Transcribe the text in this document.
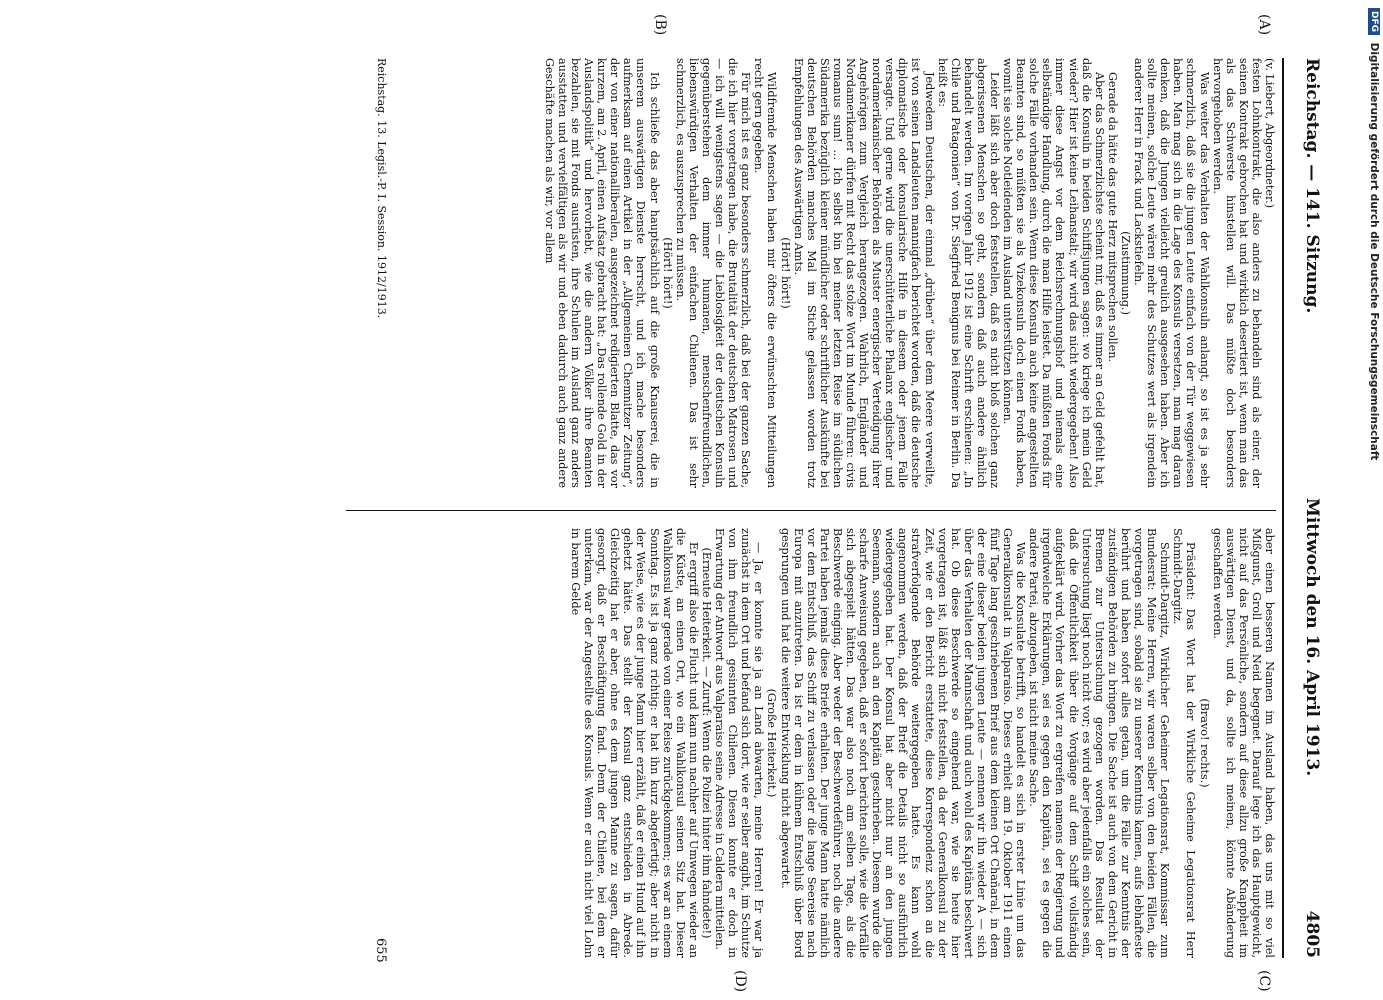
Reichstag. — 141. Sitzung.
Mittwoch den 16. April 1913.
4805
(A)
(B)
(C)
(D)

(v. Liebert, Abgeordneter.)

festen Lohnkontrakt, die also anders zu behandeln sind als einer, der seinen Kontrakt gebrochen hat und wirklich desertiert ist, wenn man das als das Schwerste hinstellen will. Das müßte doch besonders hervorgehoben werden.

Was weiter das Verhalten der Wahlkonsuln anlangt, so ist es ja sehr schmerzlich, daß sie die jungen Leute einfach von der Tür weggewiesen haben. Man mag sich in die Lage des Konsuls versetzen, man mag daran denken, daß die Jungen vielleicht greulich ausgesehen haben. Aber ich sollte meinen, solche Leute wären mehr des Schutzes wert als irgendein anderer Herr in Frack und Lackstiefeln.

(Zustimmung.)

Gerade da hätte das gute Herz mitsprechen sollen.

Aber das Schmerzlichste scheint mir, daß es immer an Geld gefehlt hat, daß die Konsuln in beiden Schiffsjungen sagen: wo kriege ich mein Geld wieder? Hier ist keine Leihanstalt; wir wird das nicht wiedergegeben! Also immer diese Angst vor dem Reichsrechnungshof und niemals eine selbständige Handlung, durch die man Hilfe leistet. Da müßten Fonds für solche Fälle vorhanden sein. Wenn diese Konsuln auch keine angestellten Beamten sind, so müßten sie als Vizekonsuln doch einen Fonds haben, womit sie solche Notleidenden im Ausland unterstützen können.

Leider läßt sich aber doch feststellen, daß es nicht bloß solchen ganz abgerissenen Menschen so geht, sondern daß auch andere ähnlich behandelt werden. Im vorigen Jahr 1912 ist eine Schrift erschienen: „In Chile und Patagonien“ von Dr. Siegfried Benignus bei Reimer in Berlin. Da heißt es:

Jedwedem Deutschen, der einmal „drüben“ über dem Meere verweilte, ist von seinen Landsleuten mannigfach berichtet worden, daß die deutsche diplomatische oder konsularische Hilfe in diesem oder jenem Falle versagte. Und gerne wird die unerschütterliche Phalanx englischer und nordamerikanischer Behörden als Muster energischer Verteidigung ihrer Angehörigen zum Vergleich herangezogen. Wahrlich, Engländer und Nordamerikaner dürfen mit Recht das stolze Wort im Munde führen: civis romanus sum! ... Ich selbst bin bei meiner letzten Reise im südlichen Südamerika bezüglich kleiner mündlicher oder schriftlicher Auskünfte bei deutschen Behörden manches Mal im Stiche gelassen worden trotz Empfehlungen des Auswärtigen Amts.

(Hört! hört!)

Wildfremde Menschen haben mir öfters die erwünschten Mitteilungen recht gern gegeben.

Für mich ist es ganz besonders schmerzlich, daß bei der ganzen Sache, die ich hier vorgetragen habe, die Brutalität der deutschen Matrosen und — ich will wenigstens sagen — die Lieblosigkeit der deutschen Konsuln gegenüberstehen dem immer humanen, menschenfreundlichen, liebenswürdigen Verhalten der einfachen Chilenen. Das ist sehr schmerzlich, es auszusprechen zu müssen.

(Hört! hört!)

Ich schließe das aber hauptsächlich auf die große Knauserei, die in unserem auswärtigen Dienste herrscht, und ich mache besonders aufmerksam auf einen Artikel in der „Allgemeinen Chemnitzer Zeitung“, der von einer nationalliberalen, ausgezeichnet redigierten Blatte, das vor kurzem, am 2. April, einen Aufsatz gebracht hat: „Das rollende Gold in der Auslandspolitik“ und hervorhebt, wie die andern Völker ihre Beamten bezahlen, sie mit Fonds ausrüsten, ihre Schulen im Ausland ganz anders ausstatten und vervielfältigen als wir und eben dadurch auch ganz andere Geschäfte machen als wir, vor allem

aber einen besseren Namen im Ausland haben, das uns mit so viel Mißgunst, Groll und Neid begegnet. Darauf lege ich das Hauptgewicht, nicht auf das Persönliche, sondern auf diese allzu große Knappheit im auswärtigen Dienst, und da, sollte ich meinen, könnte Abänderung geschaffen werden.

(Bravo! rechts.)

Präsident: Das Wort hat der Wirkliche Geheime Legationsrat Herr Schmidt-Dargitz.

Schmidt-Dargitz, Wirklicher Geheimer Legationsrat, Kommissar zum Bundesrat: Meine Herren, wir waren selber von den beiden Fällen, die vorgetragen sind, sobald sie zu unserer Kenntnis kamen, aufs lebhafteste berührt und haben sofort alles getan, um die Fälle zur Kenntnis der zuständigen Behörden zu bringen. Die Sache ist auch von dem Gericht in Bremen zur Untersuchung gezogen worden. Das Resultat der Untersuchung liegt noch nicht vor; es wird aber jedenfalls ein solches sein, daß die Öffentlichkeit über die Vorgänge auf dem Schiff vollständig aufgeklärt wird. Vorher das Wort zu ergreifen namens der Regierung und irgendwelche Erklärungen, sei es gegen den Kapitän, sei es gegen die andere Partei, abzugeben, ist nicht meine Sache.

Was die Konsulate betrifft, so handelt es sich in erster Linie um das Generalkonsulat in Valparaiso. Dieses erhielt am 19. Oktober 1911 einen fünf Tage lang geschriebenen Brief aus dem kleinen Ort Chañaral, in dem der eine dieser beiden jungen Leute — nennen wir ihn wieder A — sich über das Verhalten der Mannschaft und auch wohl des Kapitäns beschwert hat. Ob diese Beschwerde so eingehend war, wie sie heute hier vorgetragen ist, läßt sich nicht feststellen, da der Generalkonsul zu der Zeit, wie er den Bericht erstattete, diese Korrespondenz schon an die strafverfolgende Behörde weitergegeben hatte. Es kann wohl angenommen werden, daß der Brief die Details nicht so ausführlich wiedergegeben hat. Der Konsul hat aber nicht nur an den jungen Seemann, sondern auch an den Kapitän geschrieben. Diesem wurde die scharfe Anweisung gegeben, daß er sofort berichten solle, wie die Vorfälle sich abgespielt hätten. Das war also noch am selben Tage, als die Beschwerde einging. Aber weder der Beschwerdeführer, noch die andere Partei haben jemals diese Briefe erhalten. Der junge Mann hatte nämlich vor dem Entschluß, das Schiff zu verlassen oder die lange Seereise nach Europa mit anzutreten. Da ist er dem in kühnem Entschluß über Bord gesprungen und hat die weitere Entwicklung nicht abgewartet.

(Große Heiterkeit.)

— Ja, er konnte sie ja an Land abwarten, meine Herren! Er war ja zunächst in dem Ort und befand sich dort, wie er selber angibt, im Schutze von ihm freundlich gesinnten Chilenen. Diesen konnte er doch in Erwartung der Antwort aus Valparaiso seine Adresse in Caldera mitteilen.

(Erneute Heiterkeit. — Zuruf: Wenn die Polizei hinter ihm fahndete!)

Er ergriff also die Flucht und kam nun nachher auf Umwegen wieder an die Küste, an einen Ort, wo ein Wahlkonsul seinen Sitz hat. Dieser Wahlkonsul war gerade von einer Reise zurückgekommen; es war an einem Sonntag. Es ist ja ganz richtig: er hat ihn kurz abgefertigt; aber nicht in der Weise, wie es der junge Mann hier erzählt, daß er einen Hund auf ihn gehetzt hätte. Das stellt der Konsul ganz entschieden in Abrede. Gleichzeitig hat er aber, ohne es dem jungen Manne zu sagen, dafür gesorgt, daß er Beschäftigung fand. Denn der Chilene, bei dem er unterkam, war der Angestellte des Konsuls. Wenn er auch nicht viel Lohn in barem Gelde

Reichstag. 13. Legisl.-P. I. Session. 1912/1913.
655
DFG Digitalisierung gefördert durch die Deutsche Forschungsgemeinschaft
